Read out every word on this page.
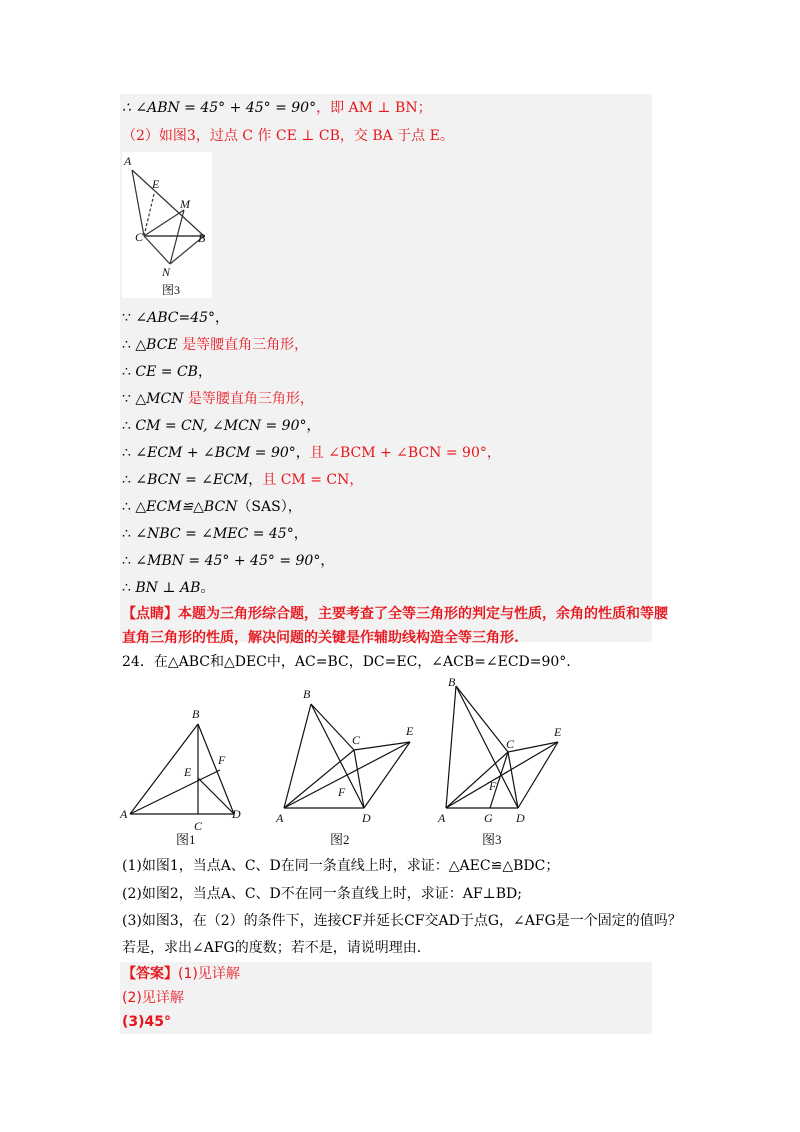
∴ ∠ABN = 45° + 45° = 90°，即 AM ⊥ BN；
（2）如图3，过点 C 作 CE ⊥ CB，交 BA 于点 E。
A
E
M
C	B
N
图3
∵ ∠ABC=45°，
∴ △BCE 是等腰直角三角形，
∴ CE = CB，
∵ △MCN 是等腰直角三角形，
∴ CM = CN, ∠MCN = 90°，
∴ ∠ECM + ∠BCM = 90°，且 ∠BCM + ∠BCN = 90°，
∴ ∠BCN = ∠ECM，且 CM = CN，
∴ △ECM≌△BCN（SAS），
∴ ∠NBC = ∠MEC = 45°，
∴ ∠MBN = 45° + 45° = 90°，
∴ BN ⊥ AB。
【点睛】本题为三角形综合题，主要考查了全等三角形的判定与性质，余角的性质和等腰
直角三角形的性质，解决问题的关键是作辅助线构造全等三角形.
24．在△ABC和△DEC中，AC=BC，DC=EC，∠ACB=∠ECD=90°.
A
B
C
D
E
F
A
B
C
D
E
F
A
B
C
D
E
F
G
图1	图2	图3
(1)如图1，当点A、C、D在同一条直线上时，求证：△AEC≌△BDC；
(2)如图2，当点A、C、D不在同一条直线上时，求证：AF⊥BD;
(3)如图3，在（2）的条件下，连接CF并延长CF交AD于点G，∠AFG是一个固定的值吗？
若是，求出∠AFG的度数；若不是，请说明理由.
【答案】(1)见详解
(2)见详解
(3)45°
